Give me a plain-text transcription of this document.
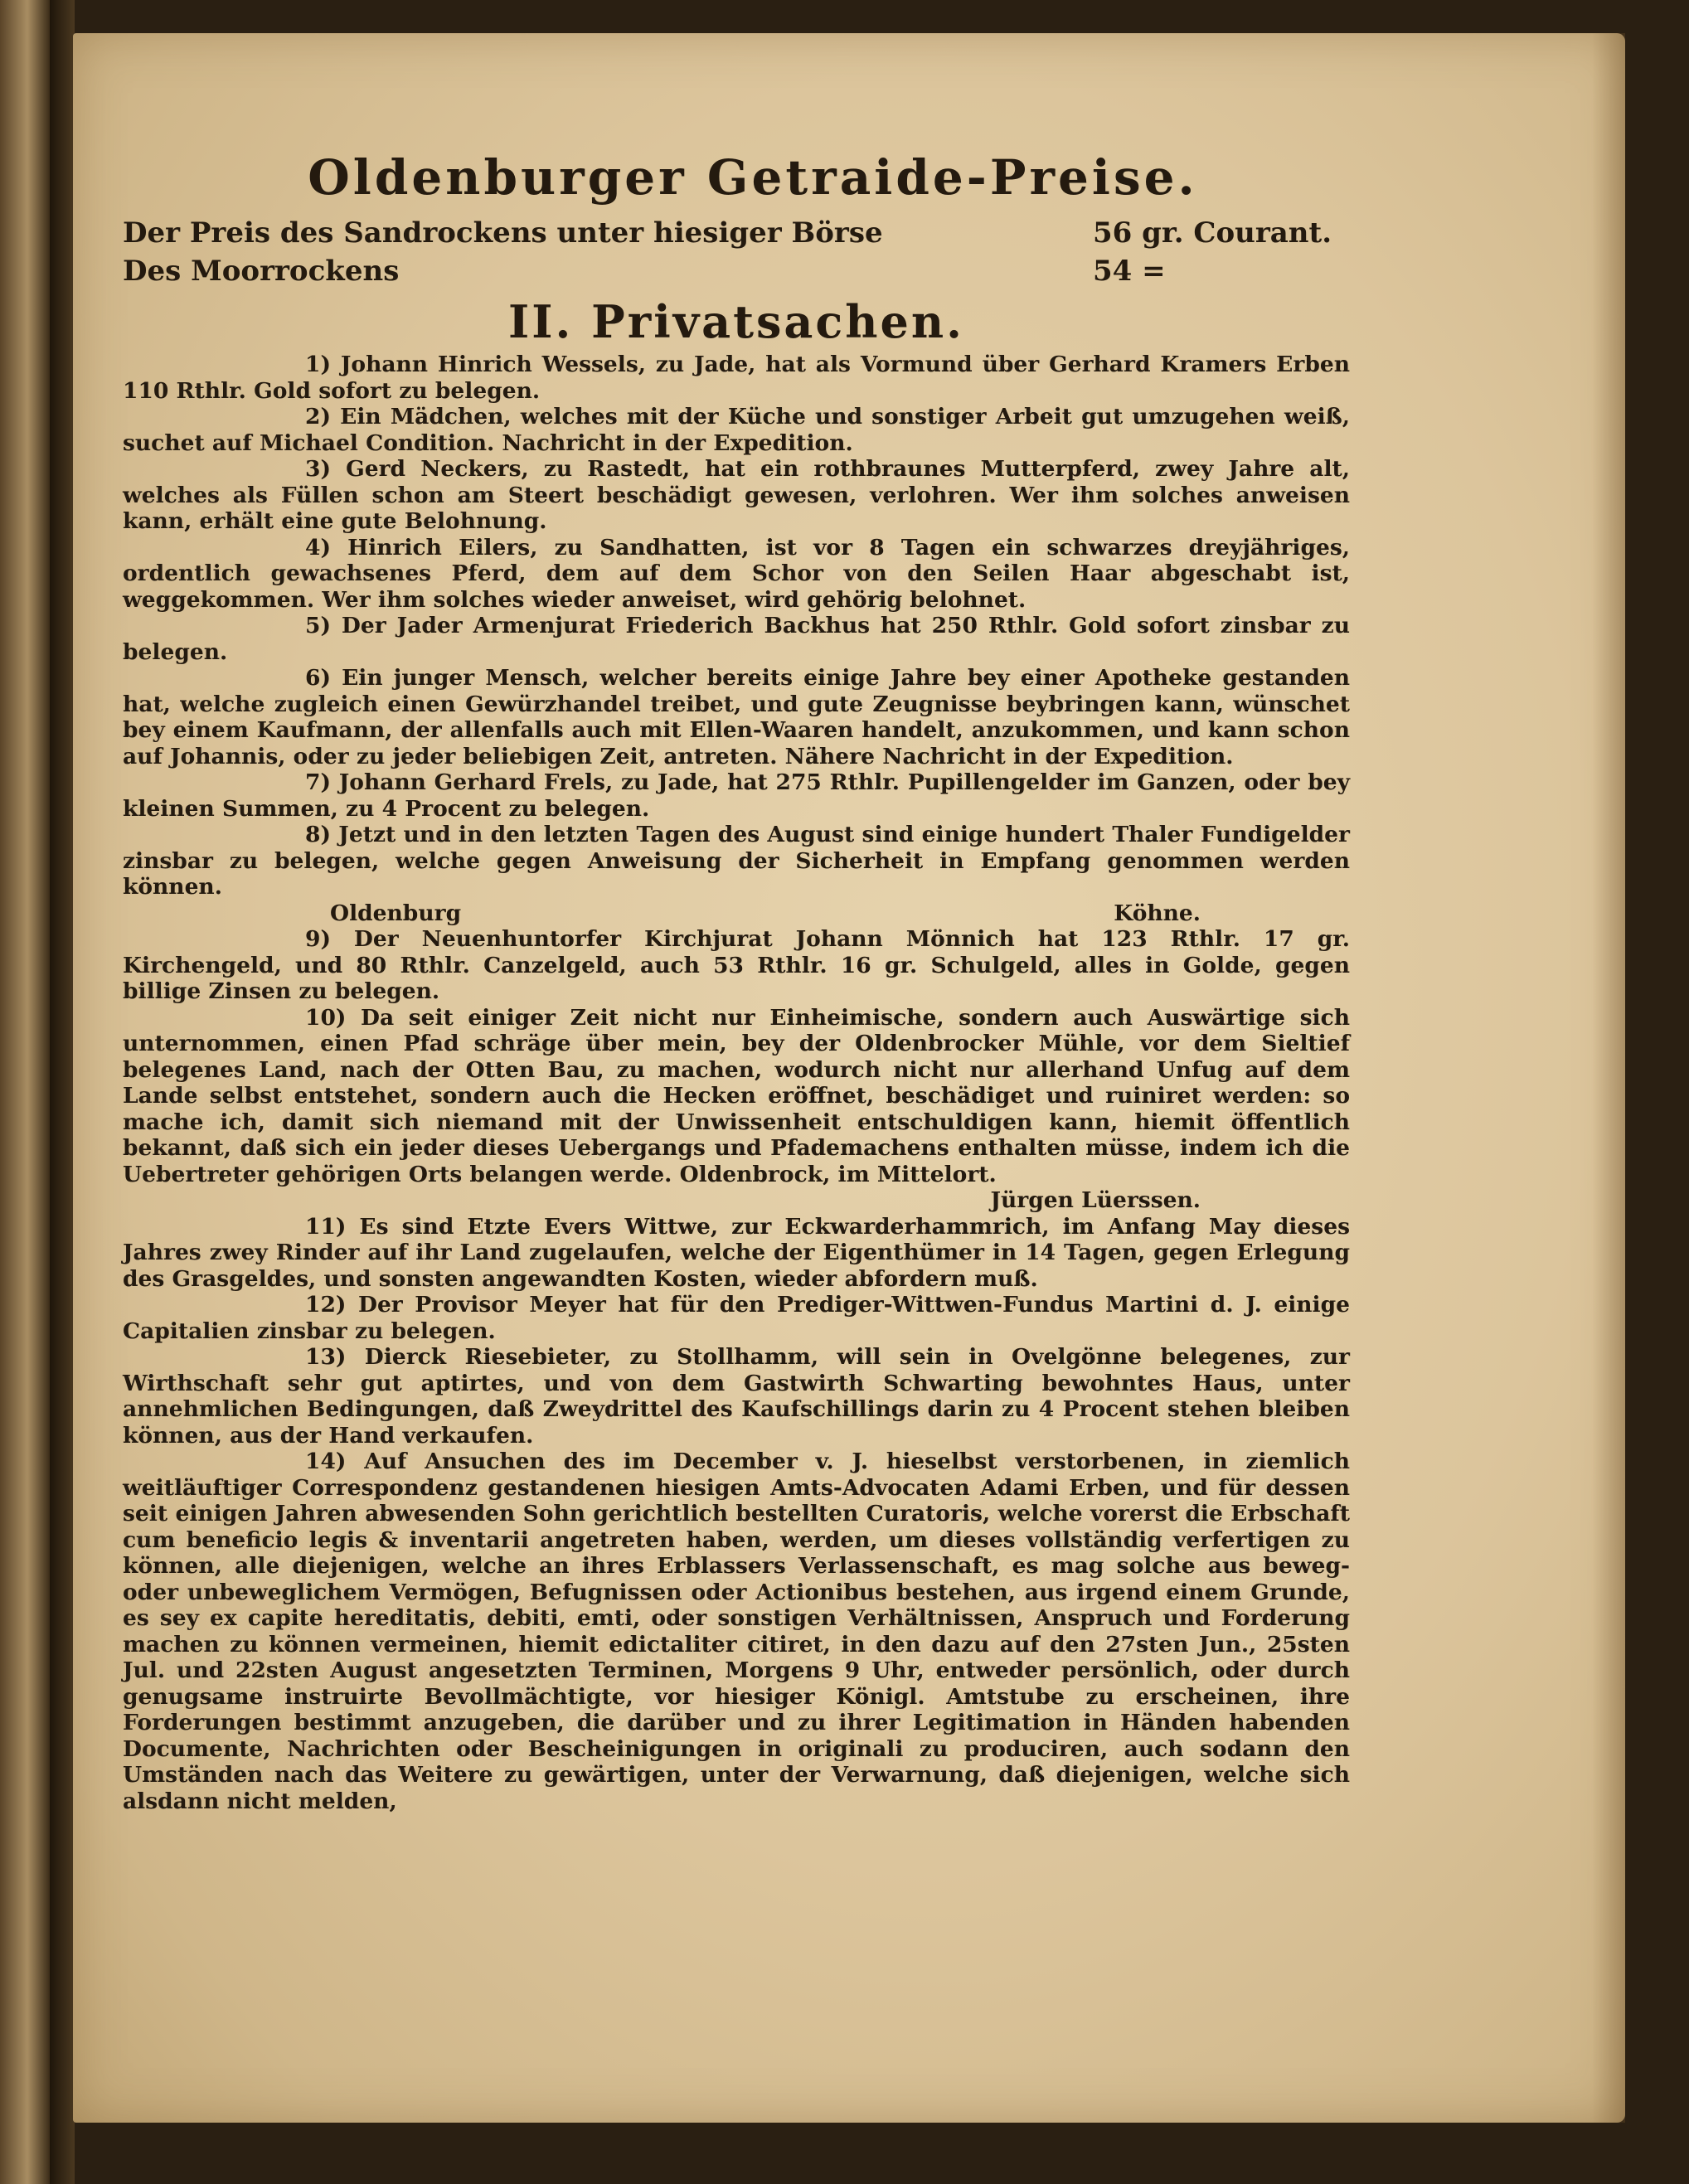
Oldenburger Getraide-Preise.
Der Preis des Sandrockens unter hiesiger Börse	56 gr. Courant.
Des Moorrockens	54 =
II. Privatsachen.

1) Johann Hinrich Wessels, zu Jade, hat als Vormund über Gerhard Kramers Erben 110 Rthlr. Gold sofort zu belegen.

2) Ein Mädchen, welches mit der Küche und sonstiger Arbeit gut umzugehen weiß, suchet auf Michael Condition. Nachricht in der Expedition.

3) Gerd Neckers, zu Rastedt, hat ein rothbraunes Mutterpferd, zwey Jahre alt, welches als Füllen schon am Steert beschädigt gewesen, verlohren. Wer ihm solches anweisen kann, erhält eine gute Belohnung.

4) Hinrich Eilers, zu Sandhatten, ist vor 8 Tagen ein schwarzes dreyjähriges, ordentlich gewachsenes Pferd, dem auf dem Schor von den Seilen Haar abgeschabt ist, weggekommen. Wer ihm solches wieder anweiset, wird gehörig belohnet.

5) Der Jader Armenjurat Friederich Backhus hat 250 Rthlr. Gold sofort zinsbar zu belegen.

6) Ein junger Mensch, welcher bereits einige Jahre bey einer Apotheke gestanden hat, welche zugleich einen Gewürzhandel treibet, und gute Zeugnisse beybringen kann, wünschet bey einem Kaufmann, der allenfalls auch mit Ellen-Waaren handelt, anzukommen, und kann schon auf Johannis, oder zu jeder beliebigen Zeit, antreten. Nähere Nachricht in der Expedition.

7) Johann Gerhard Frels, zu Jade, hat 275 Rthlr. Pupillengelder im Ganzen, oder bey kleinen Summen, zu 4 Procent zu belegen.

8) Jetzt und in den letzten Tagen des August sind einige hundert Thaler Fundigelder zinsbar zu belegen, welche gegen Anweisung der Sicherheit in Empfang genommen werden können.

Oldenburg	Köhne.

9) Der Neuenhuntorfer Kirchjurat Johann Mönnich hat 123 Rthlr. 17 gr. Kirchengeld, und 80 Rthlr. Canzelgeld, auch 53 Rthlr. 16 gr. Schulgeld, alles in Golde, gegen billige Zinsen zu belegen.

10) Da seit einiger Zeit nicht nur Einheimische, sondern auch Auswärtige sich unternommen, einen Pfad schräge über mein, bey der Oldenbrocker Mühle, vor dem Sieltief belegenes Land, nach der Otten Bau, zu machen, wodurch nicht nur allerhand Unfug auf dem Lande selbst entstehet, sondern auch die Hecken eröffnet, beschädiget und ruiniret werden: so mache ich, damit sich niemand mit der Unwissenheit entschuldigen kann, hiemit öffentlich bekannt, daß sich ein jeder dieses Uebergangs und Pfademachens enthalten müsse, indem ich die Uebertreter gehörigen Orts belangen werde. Oldenbrock, im Mittelort.

Jürgen Lüerssen.

11) Es sind Etzte Evers Wittwe, zur Eckwarderhammrich, im Anfang May dieses Jahres zwey Rinder auf ihr Land zugelaufen, welche der Eigenthümer in 14 Tagen, gegen Erlegung des Grasgeldes, und sonsten angewandten Kosten, wieder abfordern muß.

12) Der Provisor Meyer hat für den Prediger-Wittwen-Fundus Martini d. J. einige Capitalien zinsbar zu belegen.

13) Dierck Riesebieter, zu Stollhamm, will sein in Ovelgönne belegenes, zur Wirthschaft sehr gut aptirtes, und von dem Gastwirth Schwarting bewohntes Haus, unter annehmlichen Bedingungen, daß Zweydrittel des Kaufschillings darin zu 4 Procent stehen bleiben können, aus der Hand verkaufen.

14) Auf Ansuchen des im December v. J. hieselbst verstorbenen, in ziemlich weitläuftiger Correspondenz gestandenen hiesigen Amts-Advocaten Adami Erben, und für dessen seit einigen Jahren abwesenden Sohn gerichtlich bestellten Curatoris, welche vorerst die Erbschaft cum beneficio legis & inventarii angetreten haben, werden, um dieses vollständig verfertigen zu können, alle diejenigen, welche an ihres Erblassers Verlassenschaft, es mag solche aus beweg- oder unbeweglichem Vermögen, Befugnissen oder Actionibus bestehen, aus irgend einem Grunde, es sey ex capite hereditatis, debiti, emti, oder sonstigen Verhältnissen, Anspruch und Forderung machen zu können vermeinen, hiemit edictaliter citiret, in den dazu auf den 27sten Jun., 25sten Jul. und 22sten August angesetzten Terminen, Morgens 9 Uhr, entweder persönlich, oder durch genugsame instruirte Bevollmächtigte, vor hiesiger Königl. Amtstube zu erscheinen, ihre Forderungen bestimmt anzugeben, die darüber und zu ihrer Legitimation in Händen habenden Documente, Nachrichten oder Bescheinigungen in originali zu produciren, auch sodann den Umständen nach das Weitere zu gewärtigen, unter der Verwarnung, daß diejenigen, welche sich alsdann nicht melden,
